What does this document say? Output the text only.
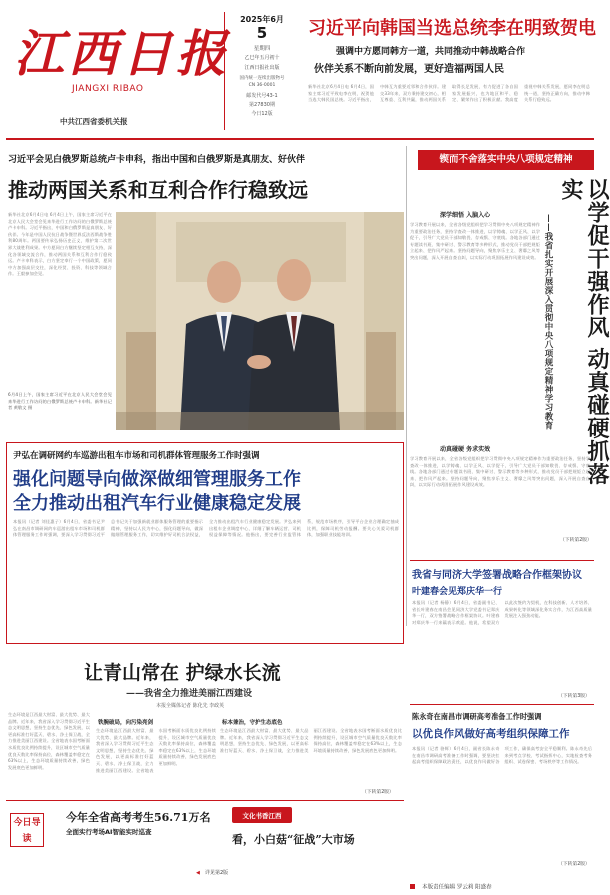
江西日报
JIANGXI RIBAO
中共江西省委机关报
2025年6月
5
星期四
乙巳年五月初十
江西日报社出版
国内统一连续出版物号
CN 36-0001
邮发代号43-1
第27830期
今日12版
习近平向韩国当选总统李在明致贺电
强调中方愿同韩方一道，共同推动中韩战略合作
伙伴关系不断向前发展，更好造福两国人民
新华社北京6月4日电 6月4日，国家主席习近平致电李在明，祝贺他当选大韩民国总统。习近平指出，中韩互为重要近邻和合作伙伴。建交33年来，双方秉持建交初心，相互尊重、互利共赢，推动两国关系取得长足发展，有力促进了各自国家发展振兴，也为地区和平、稳定、繁荣作出了积极贡献。我高度重视中韩关系发展，愿同李在明总统一道，坚持正确方向，推动中韩关系行稳致远。
习近平会见白俄罗斯总统卢卡申科，指出中国和白俄罗斯是真朋友、好伙伴
推动两国关系和互利合作行稳致远
新华社北京6月4日电 6月4日上午，国家主席习近平在北京人民大会堂会见来华进行工作访问的白俄罗斯总统卢卡申科。习近平指出，中国和白俄罗斯是真朋友、好伙伴。今年是中国人民抗日战争暨世界反法西斯战争胜利80周年。两国要传承弘扬历史正义，维护第二次世界大战胜利成果。中方愿同白方继续坚定相互支持，深化各领域交流合作，推动两国关系和互利合作行稳致远。卢卡申科表示，白方坚定奉行一个中国政策，愿同中方加强高层交往，深化经贸、投资、科技等领域合作。王毅参加会见。
6月4日上午，国家主席习近平在北京人民大会堂会见来华进行工作访问的白俄罗斯总统卢卡申科。新华社记者 黄敬文 摄
尹弘在调研网约车巡游出租车市场和司机群体管理服务工作时强调
强化问题导向做深做细管理服务工作
全力推动出租汽车行业健康稳定发展
本报讯（记者 刘佳惠子）6月4日，省委书记尹弘在南昌市调研网约车巡游出租车市场和司机群体管理服务工作时强调，要深入学习贯彻习近平总书记关于加强新就业群体服务管理的重要指示精神，坚持以人民为中心，强化问题导向，做深做细管理服务工作，切实维护好司机合法权益，全力推动出租汽车行业健康稳定发展。尹弘来到出租车企业调度中心，详细了解车辆运营、司机权益保障等情况。他指出，要完善行业监管体系，规范市场秩序，引导平台企业合理确定抽成比例，保障司机劳动报酬。要关心关爱司机群体，加强职业技能培训。
锲而不舍落实中央八项规定精神
深学细悟 入脑入心
学习教育开展以来，全省各级党组织把学习贯彻中央八项规定精神作为重要政治任务，坚持学查改一体推进，以学铸魂、以学正风、以学促干，引导广大党员干部知敬畏、存戒惧、守底线。各地各部门通过专题读书班、集中研讨、警示教育等多种形式，推动党员干部把规矩立起来、把作风严起来。坚持问题导向，聚焦享乐主义、奢靡之风等突出问题，深入开展自查自纠，以实际行动巩固拓展作风建设成效。
动真碰硬 务求实效
学习教育开展以来，全省各级党组织把学习贯彻中央八项规定精神作为重要政治任务，坚持学查改一体推进，以学铸魂、以学正风、以学促干，引导广大党员干部知敬畏、存戒惧、守底线。各地各部门通过专题读书班、集中研讨、警示教育等多种形式，推动党员干部把规矩立起来、把作风严起来。坚持问题导向，聚焦享乐主义、奢靡之风等突出问题，深入开展自查自纠，以实际行动巩固拓展作风建设成效。
（下转第2版）
以学促干强作风 动真碰硬抓落实
——我省扎实开展深入贯彻中央八项规定精神学习教育
我省与同济大学签署战略合作框架协议
叶建春会见郑庆华一行
本报讯（记者 杨静）6月4日，省委副书记、省长叶建春在南昌会见同济大学党委书记郑庆华一行，双方签署战略合作框架协议。叶建春对郑庆华一行来赣表示欢迎。他说，希望双方以此次签约为契机，在科技创新、人才培养、成果转化等领域深化务实合作，为江西高质量发展注入强劲动能。
（下转第3版）
陈永奇在南昌市调研高考准备工作时强调
以优良作风做好高考组织保障工作
本报讯（记者 骆辉）6月4日，副省长陈永奇在南昌市调研高考准备工作时强调，要坚决扛起高考组织保障政治责任，以优良作风做好各项工作，确保高考安全平稳顺利。陈永奇先后来到考点学校、考试指挥中心，实地检查考务组织、试卷保密、考场秩序等工作情况。
（下转第2版）
让青山常在 护绿水长流
——我省全力推进美丽江西建设
本报全媒体记者 陈化先 李政英
生态环境是江西最大财富、最大优势、最大品牌。近年来，我省深入学习贯彻习近平生态文明思想，坚持生态优先、绿色发展，以更高标准打好蓝天、碧水、净土保卫战，全力推进美丽江西建设。全省地表水国考断面水质优良比例持续提升，设区城市空气质量优良天数比率保持高位，森林覆盖率稳定在63%以上，生态环境质量持续改善，绿色发展底色更加鲜明。
铁腕破局，向污染亮剑
生态环境是江西最大财富、最大优势、最大品牌。近年来，我省深入学习贯彻习近平生态文明思想，坚持生态优先、绿色发展，以更高标准打好蓝天、碧水、净土保卫战，全力推进美丽江西建设。全省地表水国考断面水质优良比例持续提升，设区城市空气质量优良天数比率保持高位，森林覆盖率稳定在63%以上，生态环境质量持续改善，绿色发展底色更加鲜明。
标本兼治，守护生态底色
生态环境是江西最大财富、最大优势、最大品牌。近年来，我省深入学习贯彻习近平生态文明思想，坚持生态优先、绿色发展，以更高标准打好蓝天、碧水、净土保卫战，全力推进美丽江西建设。全省地表水国考断面水质优良比例持续提升，设区城市空气质量优良天数比率保持高位，森林覆盖率稳定在63%以上，生态环境质量持续改善，绿色发展底色更加鲜明。
（下转第2版）
今日导读
今年全省高考考生56.71万名
全面实行考场AI智能实时巡查
文化书香江西
看，小白菇“征战”大市场
◀ 详见第2版
本版责任编辑 罗云莉 阳盛春
